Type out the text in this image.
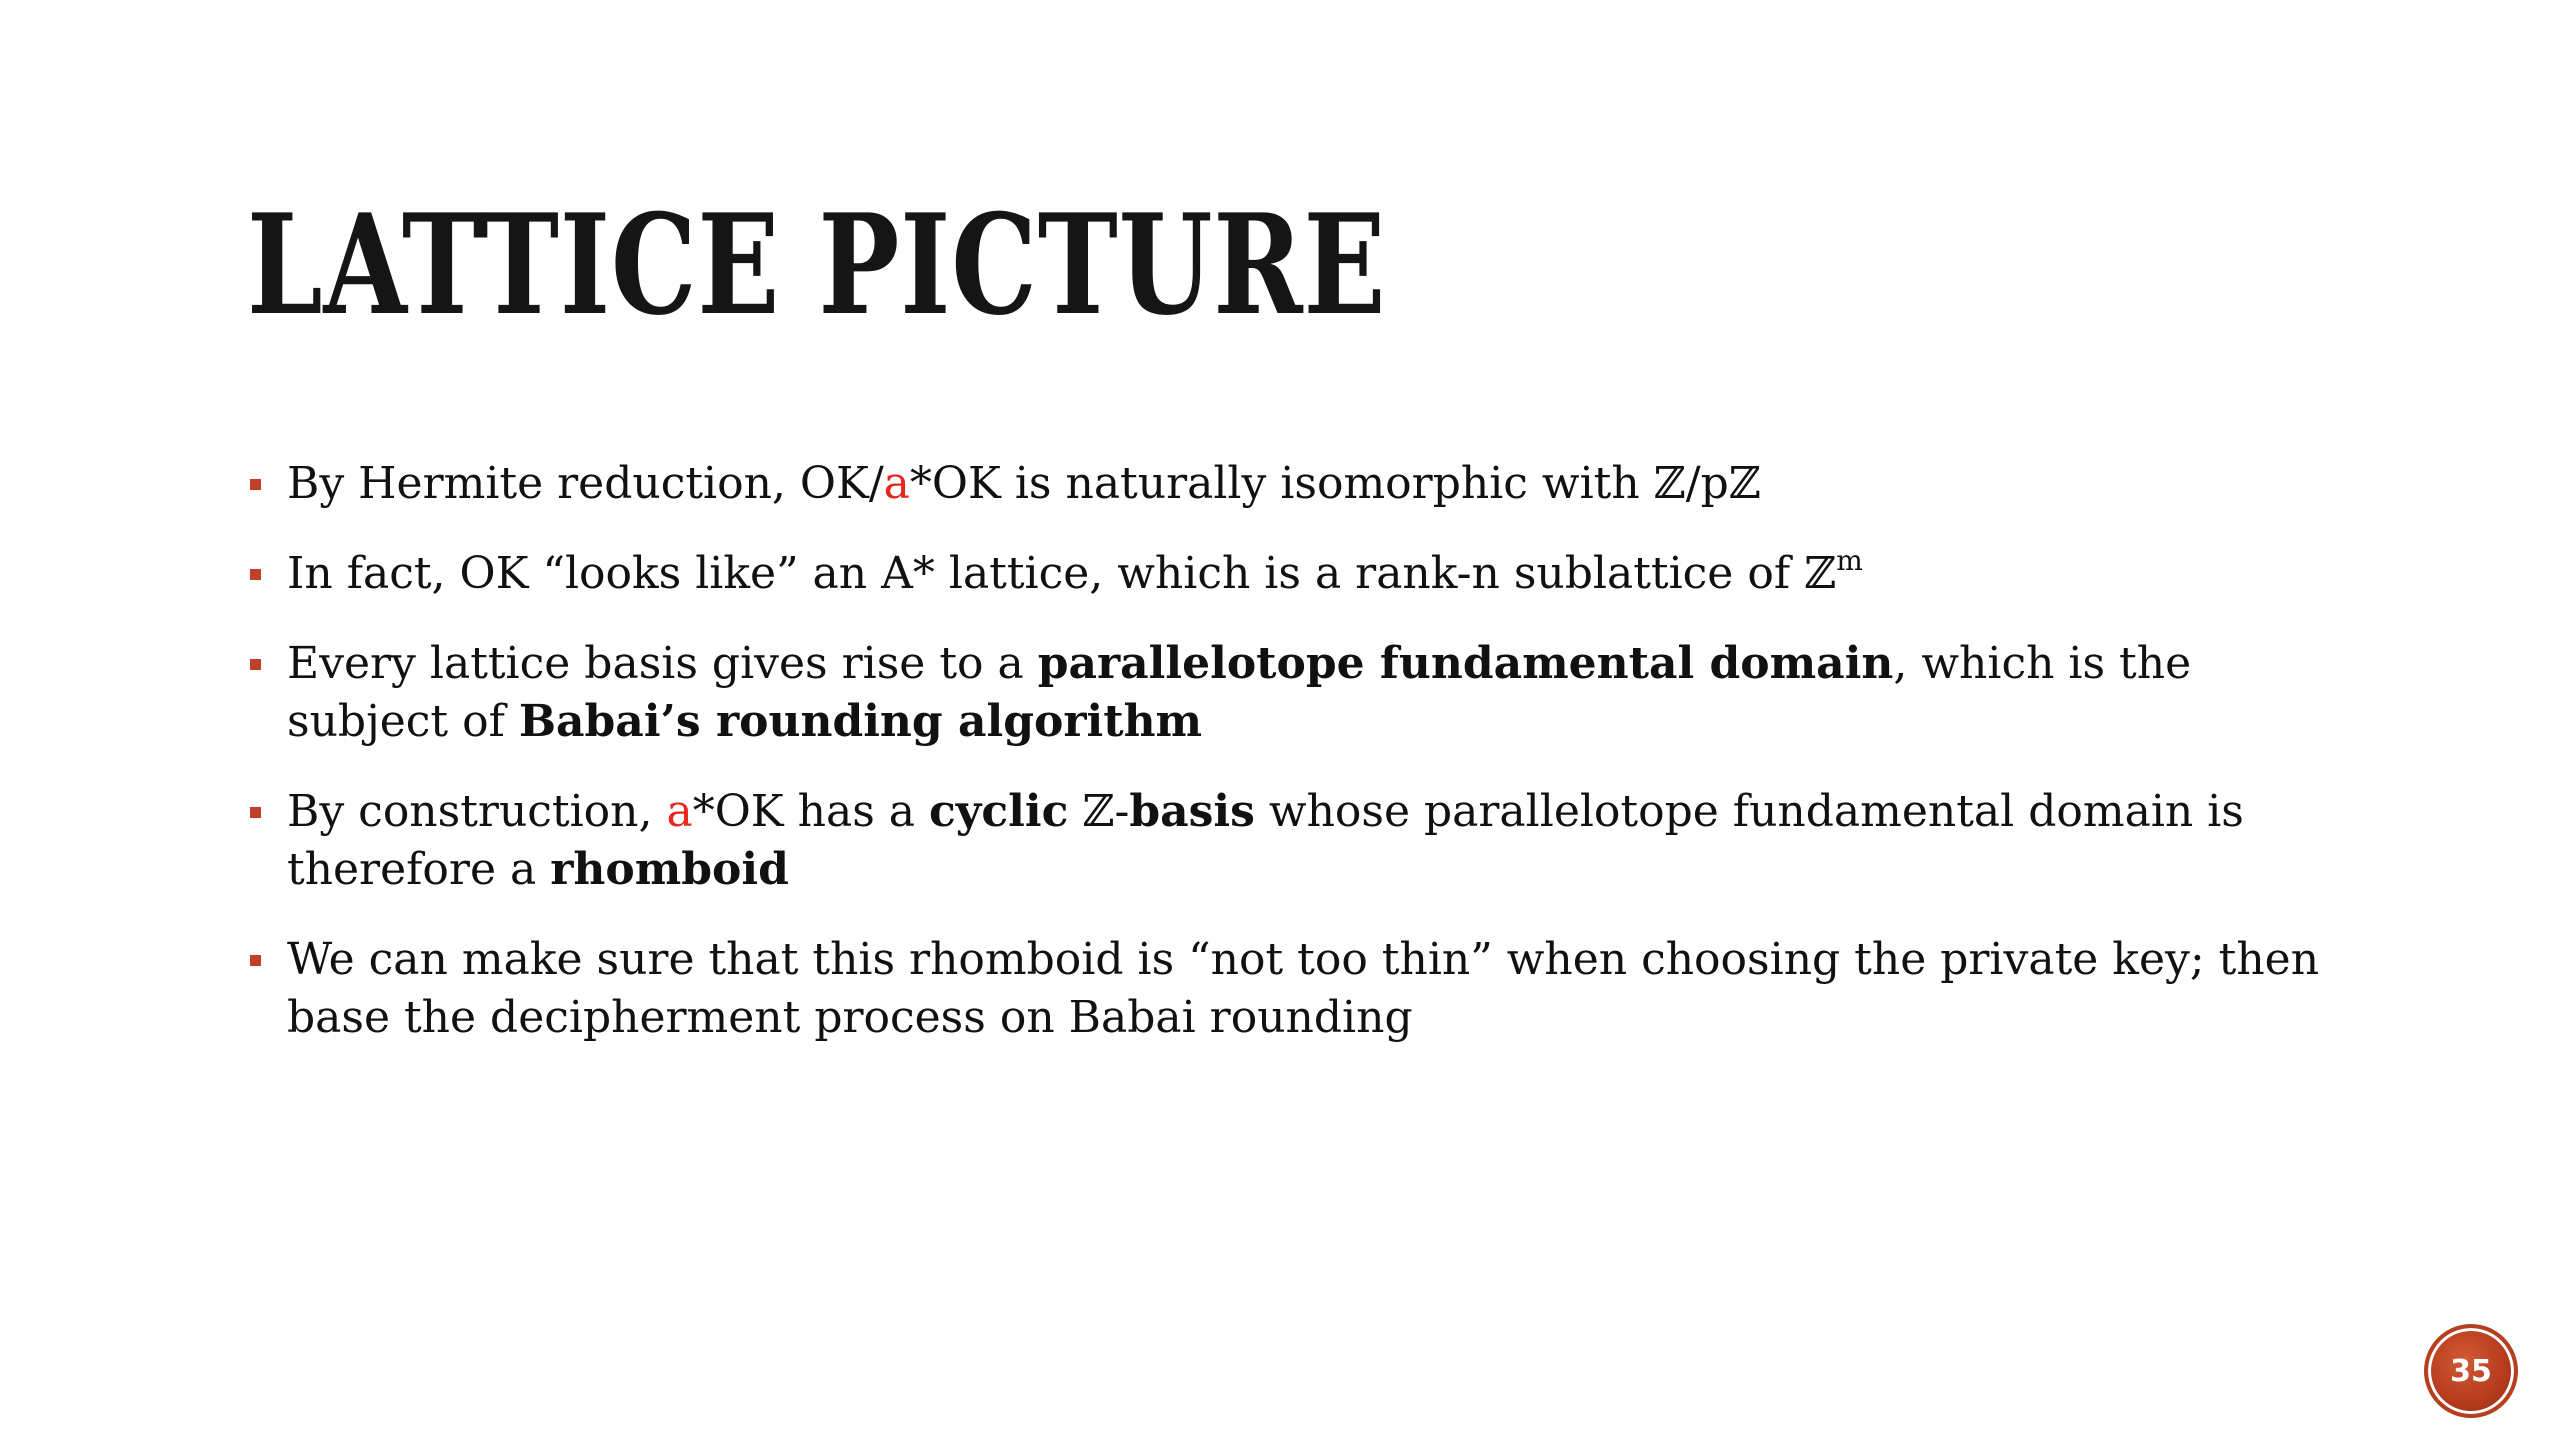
LATTICE PICTURE
By Hermite reduction, OK/a*OK is naturally isomorphic with ℤ/pℤ
In fact, OK “looks like” an A* lattice, which is a rank-n sublattice of ℤ$^m$
Every lattice basis gives rise to a parallelotope fundamental domain, which is the subject of Babai’s rounding algorithm
By construction, a*OK has a cyclic ℤ-basis whose parallelotope fundamental domain is therefore a rhomboid
We can make sure that this rhomboid is “not too thin” when choosing the private key; then base the decipherment process on Babai rounding
35
